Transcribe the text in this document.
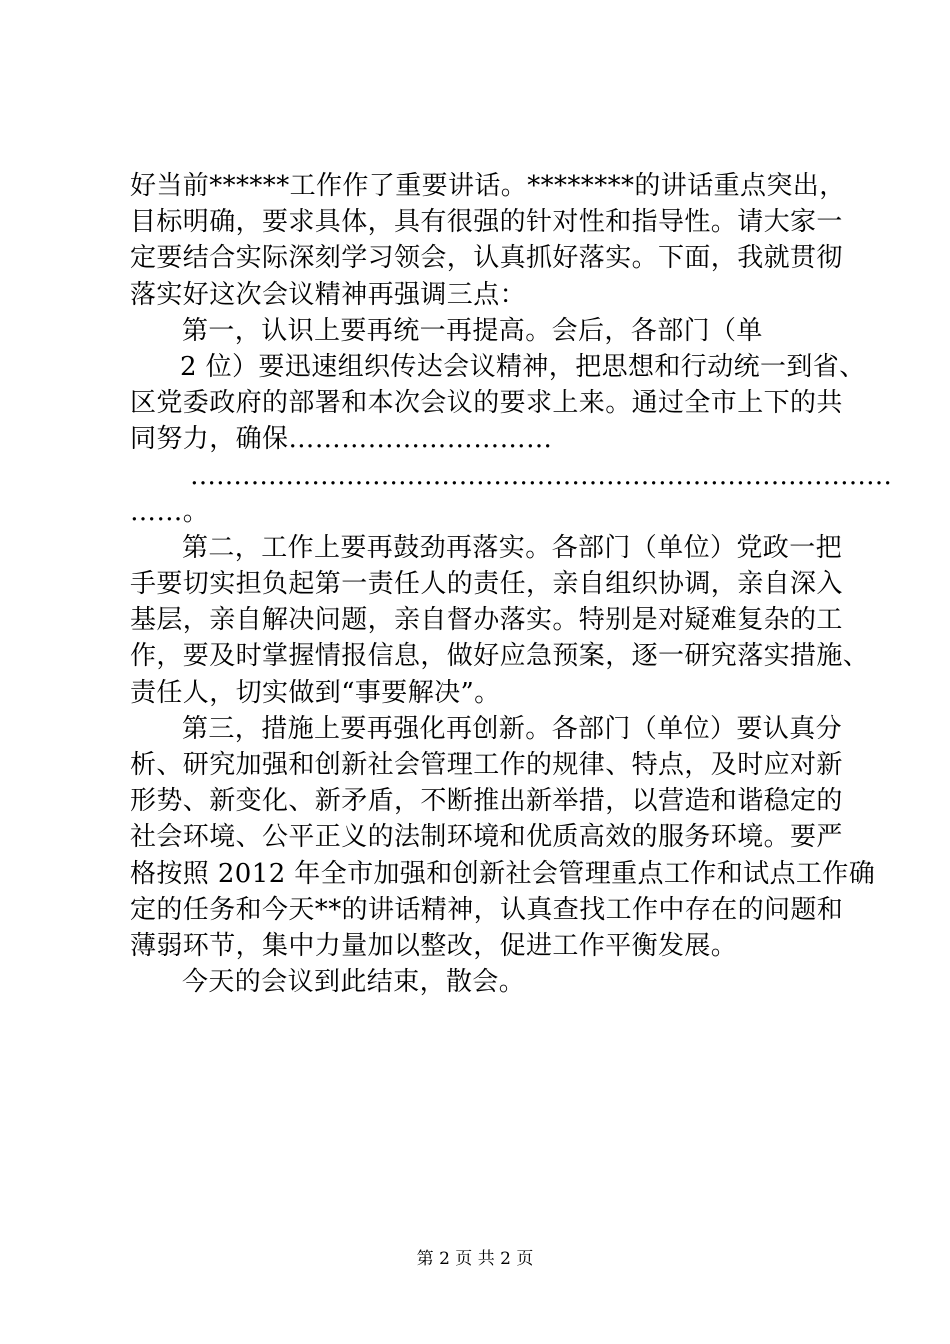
好当前******工作作了重要讲话。********的讲话重点突出，
目标明确，要求具体，具有很强的针对性和指导性。请大家一
定要结合实际深刻学习领会，认真抓好落实。下面，我就贯彻
落实好这次会议精神再强调三点：
第一，认识上要再统一再提高。会后，各部门（单
2 位）要迅速组织传达会议精神，把思想和行动统一到省、
区党委政府的部署和本次会议的要求上来。通过全市上下的共
同努力，确保…………………………
………………………………………………………………………
……。
第二，工作上要再鼓劲再落实。各部门（单位）党政一把
手要切实担负起第一责任人的责任，亲自组织协调，亲自深入
基层，亲自解决问题，亲自督办落实。特别是对疑难复杂的工
作，要及时掌握情报信息，做好应急预案，逐一研究落实措施、
责任人，切实做到“事要解决”。
第三，措施上要再强化再创新。各部门（单位）要认真分
析、研究加强和创新社会管理工作的规律、特点，及时应对新
形势、新变化、新矛盾，不断推出新举措，以营造和谐稳定的
社会环境、公平正义的法制环境和优质高效的服务环境。要严
格按照 2012 年全市加强和创新社会管理重点工作和试点工作确
定的任务和今天**的讲话精神，认真查找工作中存在的问题和
薄弱环节，集中力量加以整改，促进工作平衡发展。
今天的会议到此结束，散会。
第 2 页 共 2 页
